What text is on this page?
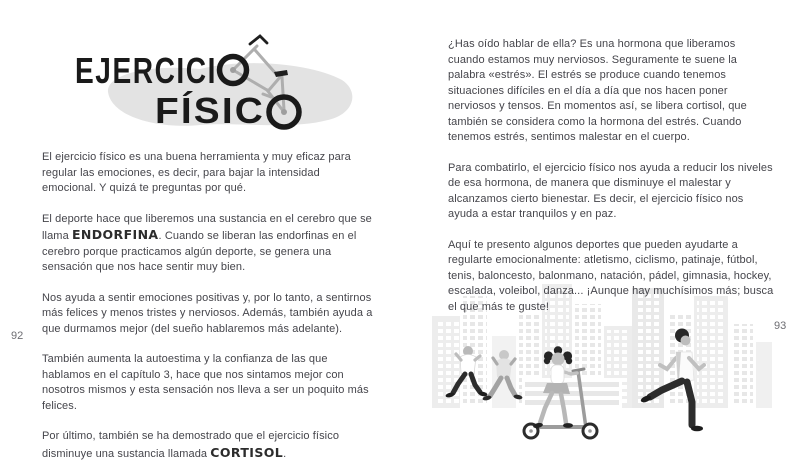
EJERCICI
FÍSIC

El ejercicio físico es una buena herramienta y muy eficaz para regular las emociones, es decir, para bajar la intensidad emocional. Y quizá te preguntas por qué.

El deporte hace que liberemos una sustancia en el cerebro que se llama ENDORFINA. Cuando se liberan las endorfinas en el cerebro porque practicamos algún deporte, se genera una sensación que nos hace sentir muy bien.

Nos ayuda a sentir emociones positivas y, por lo tanto, a sentirnos más felices y menos tristes y nerviosos. Además, también ayuda a que durmamos mejor (del sueño hablaremos más adelante).

También aumenta la autoestima y la confianza de las que hablamos en el capítulo 3, hace que nos sintamos mejor con nosotros mismos y esta sensación nos lleva a ser un poquito más felices.

Por último, también se ha demostrado que el ejercicio físico disminuye una sustancia llamada CORTISOL.

¿Has oído hablar de ella? Es una hormona que liberamos cuando estamos muy nerviosos. Seguramente te suene la palabra «estrés». El estrés se produce cuando tenemos situaciones difíciles en el día a día que nos hacen poner nerviosos y tensos. En momentos así, se libera cortisol, que también se considera como la hormona del estrés. Cuando tenemos estrés, sentimos malestar en el cuerpo.

Para combatirlo, el ejercicio físico nos ayuda a reducir los niveles de esa hormona, de manera que disminuye el malestar y alcanzamos cierto bienestar. Es decir, el ejercicio físico nos ayuda a estar tranquilos y en paz.

Aquí te presento algunos deportes que pueden ayudarte a regularte emocionalmente: atletismo, ciclismo, patinaje, fútbol, tenis, baloncesto, balonmano, natación, pádel, gimnasia, hockey, escalada, voleibol, danza... ¡Aunque hay muchísimos más; busca el que más te guste!

92
93
